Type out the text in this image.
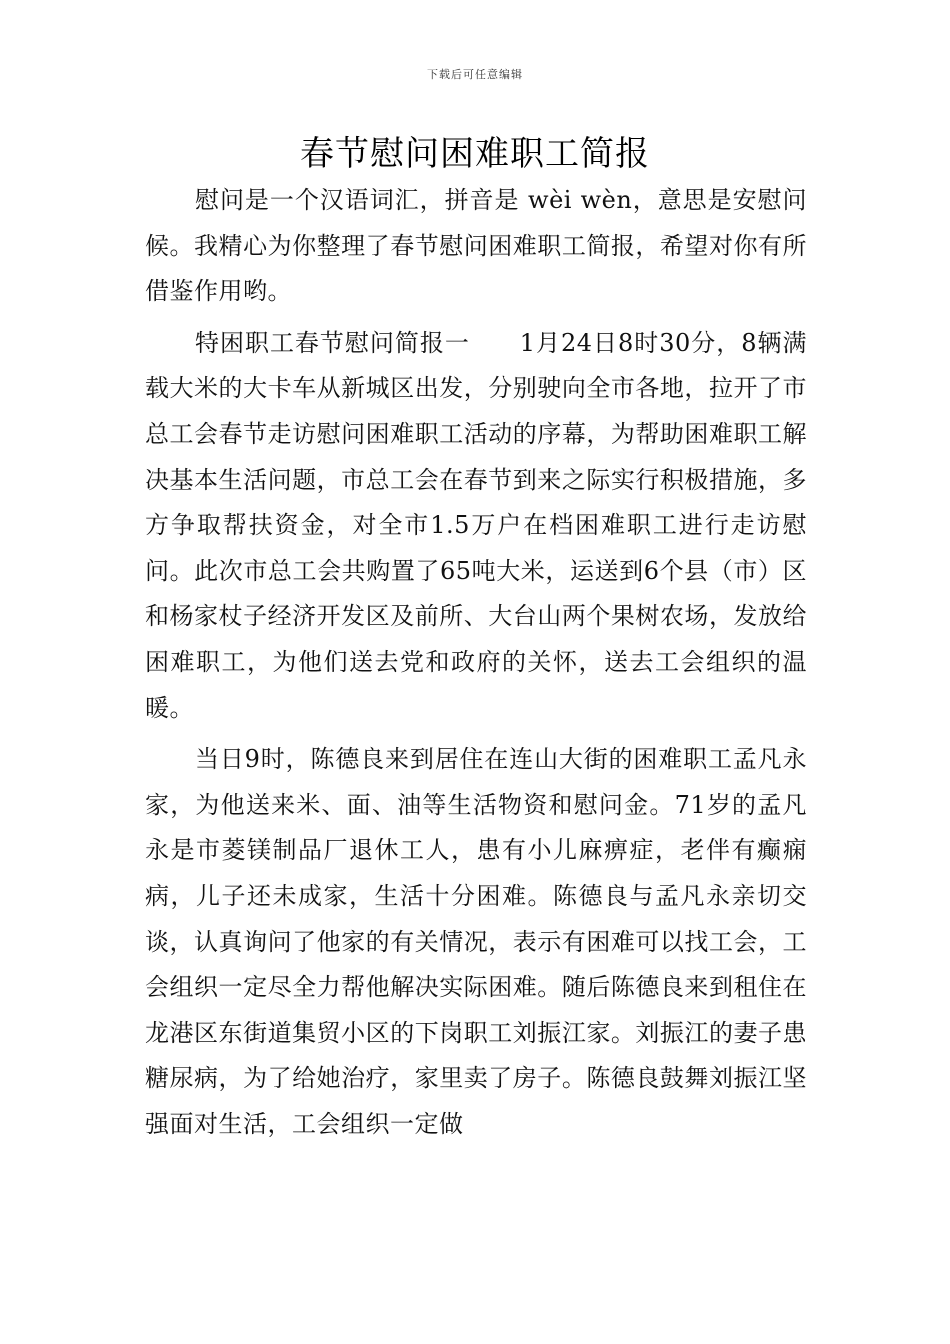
下载后可任意编辑
春节慰问困难职工简报

慰问是一个汉语词汇，拼音是 wèi wèn，意思是安慰问候。我精心为你整理了春节慰问困难职工简报，希望对你有所借鉴作用哟。

特困职工春节慰问简报一　　1月24日8时30分，8辆满载大米的大卡车从新城区出发，分别驶向全市各地，拉开了市总工会春节走访慰问困难职工活动的序幕，为帮助困难职工解决基本生活问题，市总工会在春节到来之际实行积极措施，多方争取帮扶资金，对全市1.5万户在档困难职工进行走访慰问。此次市总工会共购置了65吨大米，运送到6个县（市）区和杨家杖子经济开发区及前所、大台山两个果树农场，发放给困难职工，为他们送去党和政府的关怀，送去工会组织的温暖。

当日9时，陈德良来到居住在连山大街的困难职工孟凡永家，为他送来米、面、油等生活物资和慰问金。71岁的孟凡永是市菱镁制品厂退休工人，患有小儿麻痹症，老伴有癫痫病，儿子还未成家，生活十分困难。陈德良与孟凡永亲切交谈，认真询问了他家的有关情况，表示有困难可以找工会，工会组织一定尽全力帮他解决实际困难。随后陈德良来到租住在龙港区东街道集贸小区的下岗职工刘振江家。刘振江的妻子患糖尿病，为了给她治疗，家里卖了房子。陈德良鼓舞刘振江坚强面对生活，工会组织一定做
